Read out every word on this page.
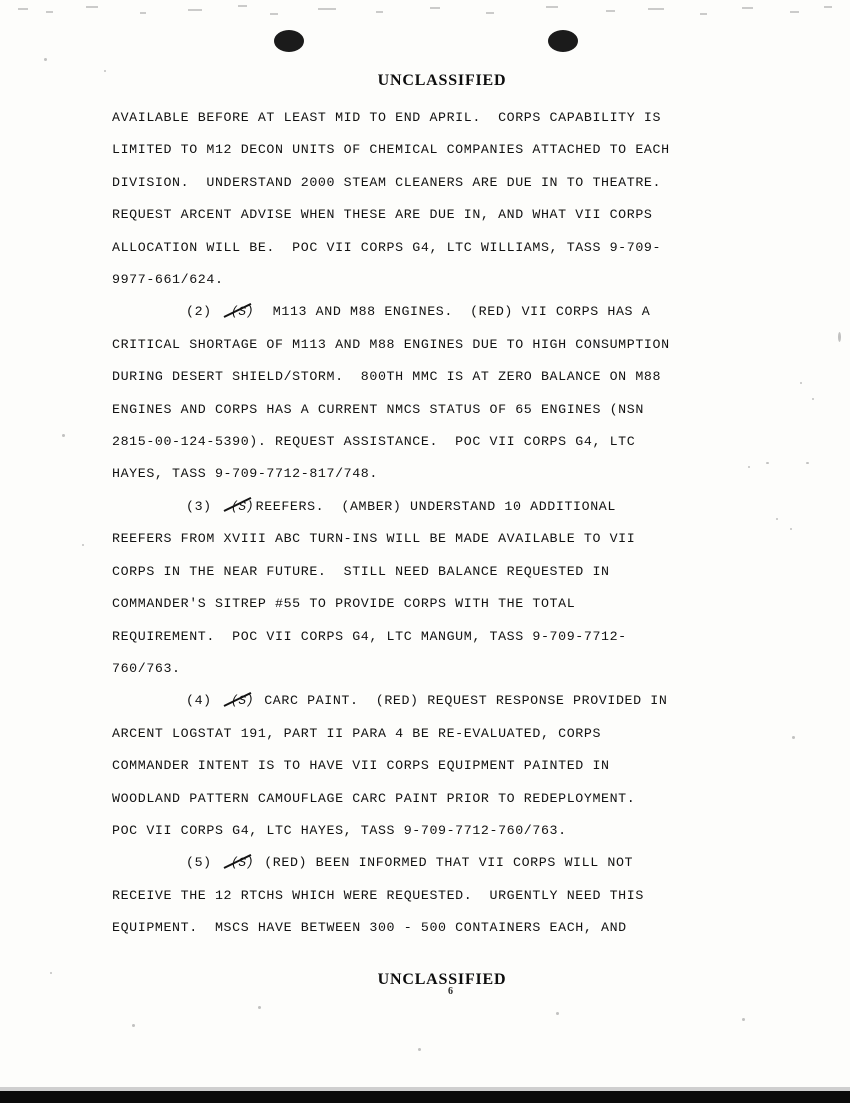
UNCLASSIFIED

AVAILABLE BEFORE AT LEAST MID TO END APRIL.  CORPS CAPABILITY IS
LIMITED TO M12 DECON UNITS OF CHEMICAL COMPANIES ATTACHED TO EACH
DIVISION.  UNDERSTAND 2000 STEAM CLEANERS ARE DUE IN TO THEATRE.
REQUEST ARCENT ADVISE WHEN THESE ARE DUE IN, AND WHAT VII CORPS
ALLOCATION WILL BE.  POC VII CORPS G4, LTC WILLIAMS, TASS 9-709-
9977-661/624.

(2) (S) M113 AND M88 ENGINES.  (RED) VII CORPS HAS A
CRITICAL SHORTAGE OF M113 AND M88 ENGINES DUE TO HIGH CONSUMPTION
DURING DESERT SHIELD/STORM.  800TH MMC IS AT ZERO BALANCE ON M88
ENGINES AND CORPS HAS A CURRENT NMCS STATUS OF 65 ENGINES (NSN
2815-00-124-5390). REQUEST ASSISTANCE.  POC VII CORPS G4, LTC
HAYES, TASS 9-709-7712-817/748.

(3) (S) REEFERS.  (AMBER) UNDERSTAND 10 ADDITIONAL
REEFERS FROM XVIII ABC TURN-INS WILL BE MADE AVAILABLE TO VII
CORPS IN THE NEAR FUTURE.  STILL NEED BALANCE REQUESTED IN
COMMANDER'S SITREP #55 TO PROVIDE CORPS WITH THE TOTAL
REQUIREMENT.  POC VII CORPS G4, LTC MANGUM, TASS 9-709-7712-
760/763.

(4) (S) CARC PAINT.  (RED) REQUEST RESPONSE PROVIDED IN
ARCENT LOGSTAT 191, PART II PARA 4 BE RE-EVALUATED, CORPS
COMMANDER INTENT IS TO HAVE VII CORPS EQUIPMENT PAINTED IN
WOODLAND PATTERN CAMOUFLAGE CARC PAINT PRIOR TO REDEPLOYMENT.
POC VII CORPS G4, LTC HAYES, TASS 9-709-7712-760/763.

(5) (S) (RED) BEEN INFORMED THAT VII CORPS WILL NOT
RECEIVE THE 12 RTCHS WHICH WERE REQUESTED.  URGENTLY NEED THIS
EQUIPMENT.  MSCS HAVE BETWEEN 300 - 500 CONTAINERS EACH, AND

UNCLASSIFIED
6
